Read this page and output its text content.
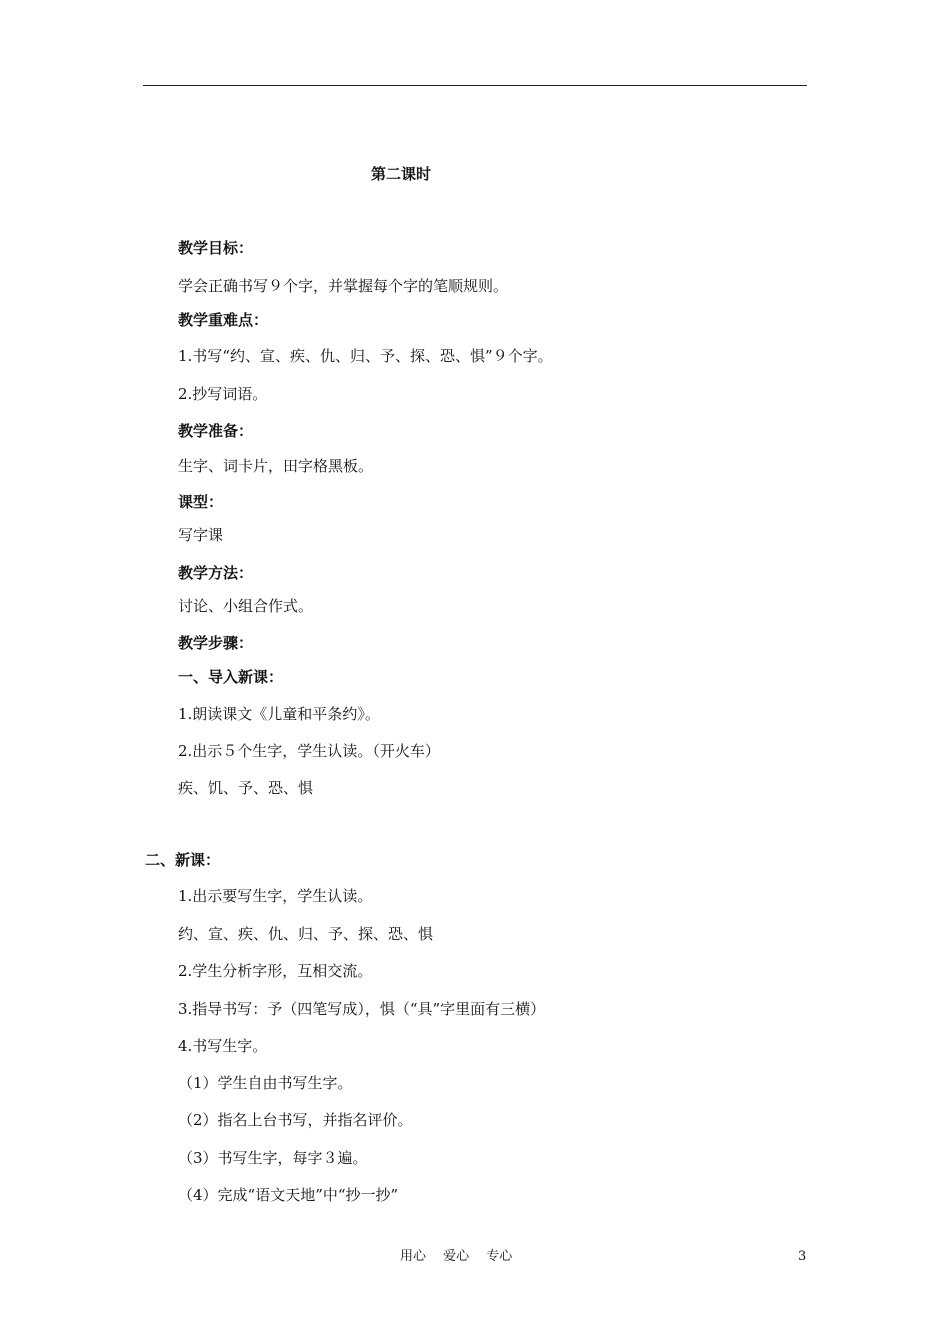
第二课时
教学目标：
学会正确书写９个字，并掌握每个字的笔顺规则。
教学重难点：
1.书写“约、宣、疾、仇、归、予、探、恐、惧”９个字。
2.抄写词语。
教学准备：
生字、词卡片，田字格黑板。
课型：
写字课
教学方法：
讨论、小组合作式。
教学步骤：
一、导入新课：
1.朗读课文《儿童和平条约》。
2.出示５个生字，学生认读。（开火车）
疾、饥、予、恐、惧
二、新课：
1.出示要写生字，学生认读。
约、宣、疾、仇、归、予、探、恐、惧
2.学生分析字形，互相交流。
3.指导书写：予（四笔写成），惧（“具”字里面有三横）
4.书写生字。
（1）学生自由书写生字。
（2）指名上台书写，并指名评价。
（3）书写生字，每字３遍。
（4）完成“语文天地”中“抄一抄”
用心　 爱心　 专心	3
